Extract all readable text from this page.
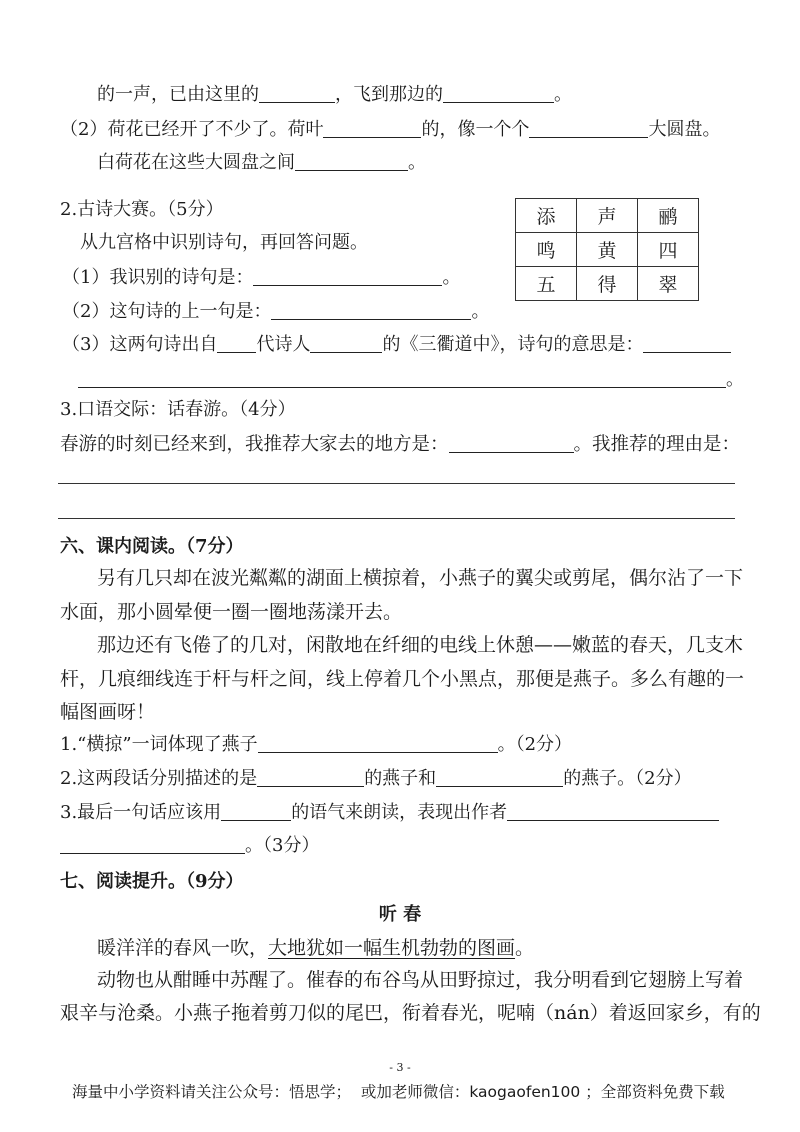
的一声，已由这里的	，飞到那边的	。
（2）荷花已经开了不少了。荷叶	的，像一个个	大圆盘。
白荷花在这些大圆盘之间	。
2.古诗大赛。（5分）
从九宫格中识别诗句，再回答问题。
（1）我识别的诗句是：	。
（2）这句诗的上一句是：	。
（3）这两句诗出自 代诗人	的《三衢道中》，诗句的意思是：
。
添	声	鹂
鸣	黄	四
五	得	翠
3.口语交际：话春游。（4分）
春游的时刻已经来到，我推荐大家去的地方是：	。我推荐的理由是：
六、课内阅读。（7分）
另有几只却在波光粼粼的湖面上横掠着，小燕子的翼尖或剪尾，偶尔沾了一下
水面，那小圆晕便一圈一圈地荡漾开去。
那边还有飞倦了的几对，闲散地在纤细的电线上休憩——嫩蓝的春天，几支木
杆，几痕细线连于杆与杆之间，线上停着几个小黑点，那便是燕子。多么有趣的一
幅图画呀！
1.“横掠”一词体现了燕子	。（2分）
2.这两段话分别描述的是	的燕子和	的燕子。（2分）
3.最后一句话应该用	的语气来朗读，表现出作者
。（3分）
七、阅读提升。（9分）
听 春
暖洋洋的春风一吹，大地犹如一幅生机勃勃的图画。
动物也从酣睡中苏醒了。催春的布谷鸟从田野掠过，我分明看到它翅膀上写着
艰辛与沧桑。小燕子拖着剪刀似的尾巴，衔着春光，呢喃（nán）着返回家乡，有的
- 3 -
海量中小学资料请关注公众号：悟思学；  或加老师微信：kaogaofen100 ；全部资料免费下载
